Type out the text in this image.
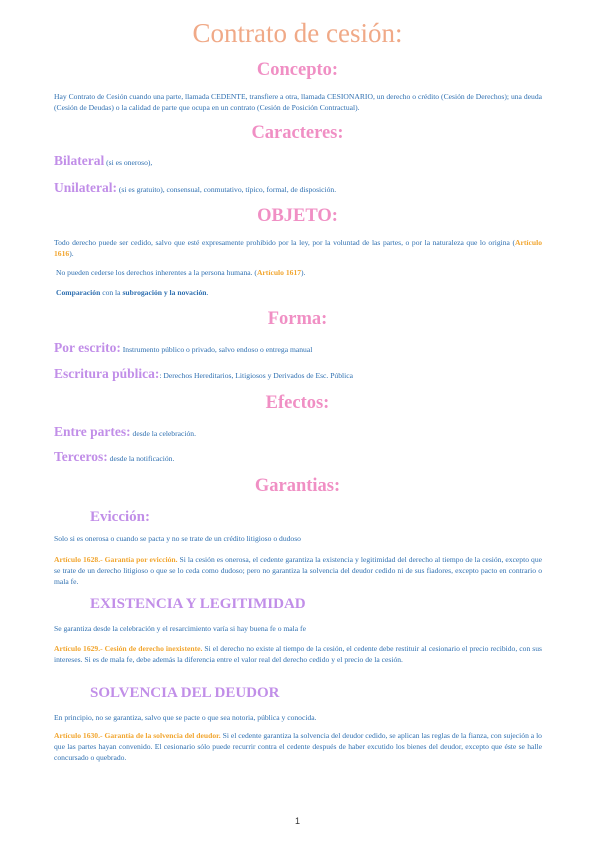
Contrato de cesión:
Concepto:
Hay Contrato de Cesión cuando una parte, llamada CEDENTE, transfiere a otra, llamada CESIONARIO, un derecho o crédito (Cesión de Derechos); una deuda (Cesión de Deudas) o la calidad de parte que ocupa en un contrato (Cesión de Posición Contractual).
Caracteres:
Bilateral (si es oneroso),
Unilateral: (si es gratuito), consensual, conmutativo, típico, formal, de disposición.
OBJETO:
Todo derecho puede ser cedido, salvo que esté expresamente prohibido por la ley, por la voluntad de las partes, o por la naturaleza que lo origina (Artículo 1616).
No pueden cederse los derechos inherentes a la persona humana. (Artículo 1617).
Comparación con la subrogación y la novación.
Forma:
Por escrito: Instrumento público o privado, salvo endoso o entrega manual
Escritura pública:: Derechos Hereditarios, Litigiosos y Derivados de Esc. Pública
Efectos:
Entre partes: desde la celebración.
Terceros: desde la notificación.
Garantias:
Evicción:
Solo si es onerosa o cuando se pacta y no se trate de un crédito litigioso o dudoso
Artículo 1628.- Garantía por evicción. Si la cesión es onerosa, el cedente garantiza la existencia y legitimidad del derecho al tiempo de la cesión, excepto que se trate de un derecho litigioso o que se lo ceda como dudoso; pero no garantiza la solvencia del deudor cedido ni de sus fiadores, excepto pacto en contrario o mala fe.
EXISTENCIA Y LEGITIMIDAD
Se garantiza desde la celebración y el resarcimiento varía si hay buena fe o mala fe
Artículo 1629.- Cesión de derecho inexistente. Si el derecho no existe al tiempo de la cesión, el cedente debe restituir al cesionario el precio recibido, con sus intereses. Si es de mala fe, debe además la diferencia entre el valor real del derecho cedido y el precio de la cesión.
SOLVENCIA DEL DEUDOR
En principio, no se garantiza, salvo que se pacte o que sea notoria, pública y conocida.
Artículo 1630.- Garantía de la solvencia del deudor. Si el cedente garantiza la solvencia del deudor cedido, se aplican las reglas de la fianza, con sujeción a lo que las partes hayan convenido. El cesionario sólo puede recurrir contra el cedente después de haber excutido los bienes del deudor, excepto que éste se halle concursado o quebrado.
1
